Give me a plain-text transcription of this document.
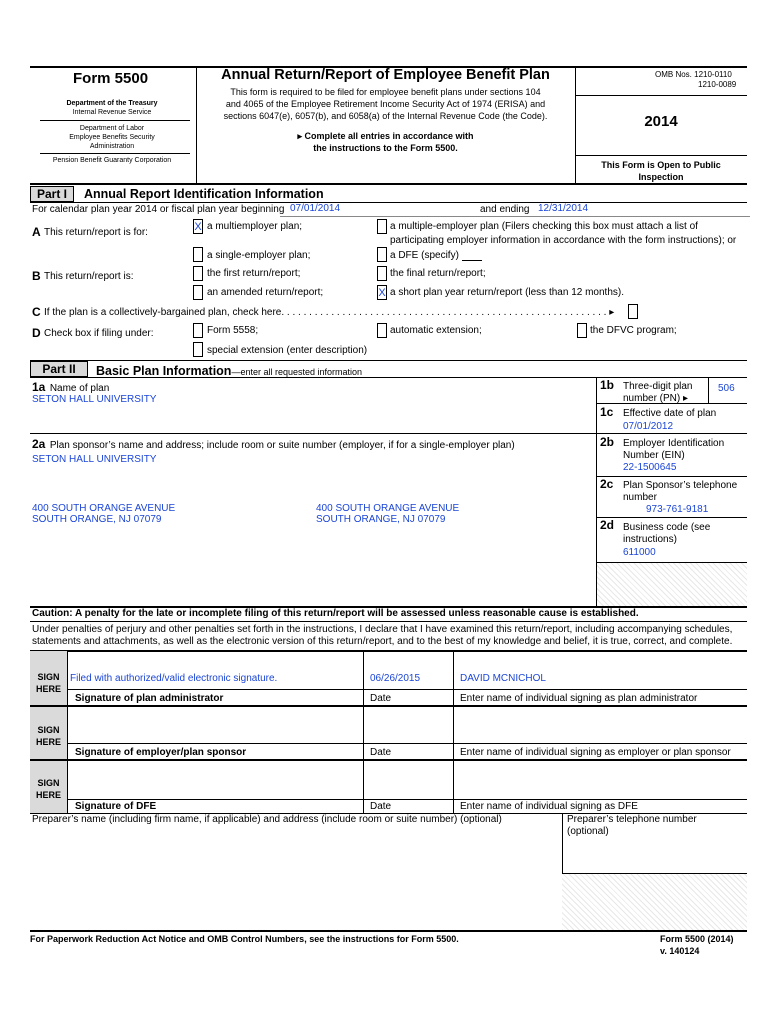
Form 5500
Department of the Treasury
Internal Revenue Service
Department of Labor
Employee Benefits Security
Administration
Pension Benefit Guaranty Corporation
Annual Return/Report of Employee Benefit Plan
This form is required to be filed for employee benefit plans under sections 104
and 4065 of the Employee Retirement Income Security Act of 1974 (ERISA) and
sections 6047(e), 6057(b), and 6058(a) of the Internal Revenue Code (the Code).
▸ Complete all entries in accordance with
the instructions to the Form 5500.
OMB Nos. 1210-0110
1210-0089
2014
This Form is Open to Public
Inspection
Part I	Annual Report Identification Information
For calendar plan year 2014 or fiscal plan year beginning 07/01/2014	and ending 12/31/2014
A This return/report is for:	X a multiemployer plan;	a multiple-employer plan (Filers checking this box must attach a list of
participating employer information in accordance with the form instructions); or
a single-employer plan;	a DFE (specify)
B This return/report is:	the first return/report;	the final return/report;
an amended return/report;	X a short plan year return/report (less than 12 months).
C If the plan is a collectively-bargained plan, check here. . . . . . . . . . . . . . . . . . . . . . . . . . . . . . . . . . . . . . . . . . . . . . . . . . . . . . . . . . . ▸
D Check box if filing under:	Form 5558;	automatic extension;	the DFVC program;
special extension (enter description)
Part II	Basic Plan Information—enter all requested information
1a Name of plan
SETON HALL UNIVERSITY
1b Three-digit plan
number (PN) ▸
506
1c Effective date of plan
07/01/2012
2a Plan sponsor’s name and address; include room or suite number (employer, if for a single-employer plan)
SETON HALL UNIVERSITY
400 SOUTH ORANGE AVENUE
SOUTH ORANGE, NJ 07079
400 SOUTH ORANGE AVENUE
SOUTH ORANGE, NJ 07079
2b Employer Identification
Number (EIN)
22-1500645
2c Plan Sponsor’s telephone
number
973-761-9181
2d Business code (see
instructions)
611000
Caution: A penalty for the late or incomplete filing of this return/report will be assessed unless reasonable cause is established.
Under penalties of perjury and other penalties set forth in the instructions, I declare that I have examined this return/report, including accompanying schedules,
statements and attachments, as well as the electronic version of this return/report, and to the best of my knowledge and belief, it is true, correct, and complete.
SIGN
HERE
Filed with authorized/valid electronic signature.	06/26/2015	DAVID MCNICHOL
Signature of plan administrator	Date	Enter name of individual signing as plan administrator
SIGN
HERE
Signature of employer/plan sponsor	Date	Enter name of individual signing as employer or plan sponsor
SIGN
HERE
Signature of DFE	Date	Enter name of individual signing as DFE
Preparer’s name (including firm name, if applicable) and address (include room or suite number) (optional)	Preparer’s telephone number
(optional)
For Paperwork Reduction Act Notice and OMB Control Numbers, see the instructions for Form 5500.	Form 5500 (2014)
v. 140124
